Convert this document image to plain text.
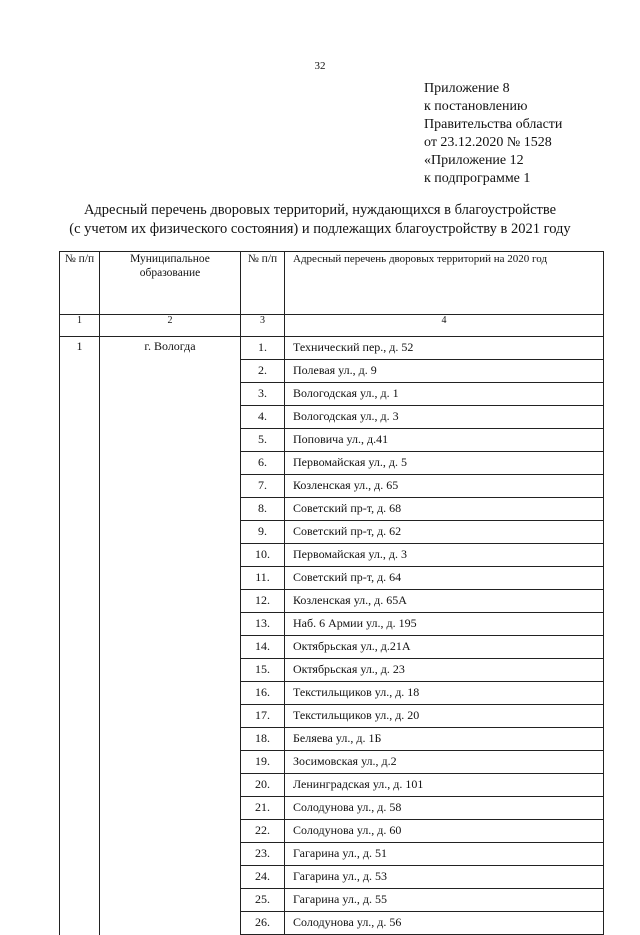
32
Приложение 8
к постановлению
Правительства области
от 23.12.2020 № 1528
«Приложение 12
к подпрограмме 1
Адресный перечень дворовых территорий, нуждающихся в благоустройстве
(с учетом их физического состояния) и подлежащих благоустройству в 2021 году
№ п/п	Муниципальное образование	№ п/п	Адресный перечень дворовых территорий на 2020 год
1	2	3	4
1	г. Вологда	1.	Технический пер., д. 52
		2.	Полевая ул., д. 9
		3.	Вологодская ул., д. 1
		4.	Вологодская ул., д. 3
		5.	Поповича ул., д.41
		6.	Первомайская ул., д. 5
		7.	Козленская ул., д. 65
		8.	Советский пр-т, д. 68
		9.	Советский пр-т, д. 62
		10.	Первомайская ул., д. 3
		11.	Советский пр-т, д. 64
		12.	Козленская ул., д. 65А
		13.	Наб. 6 Армии ул., д. 195
		14.	Октябрьская ул., д.21А
		15.	Октябрьская ул., д. 23
		16.	Текстильщиков ул., д. 18
		17.	Текстильщиков ул., д. 20
		18.	Беляева ул., д. 1Б
		19.	Зосимовская ул., д.2
		20.	Ленинградская ул., д. 101
		21.	Солодунова ул., д. 58
		22.	Солодунова ул., д. 60
		23.	Гагарина ул., д. 51
		24.	Гагарина ул., д. 53
		25.	Гагарина ул., д. 55
		26.	Солодунова ул., д. 56
